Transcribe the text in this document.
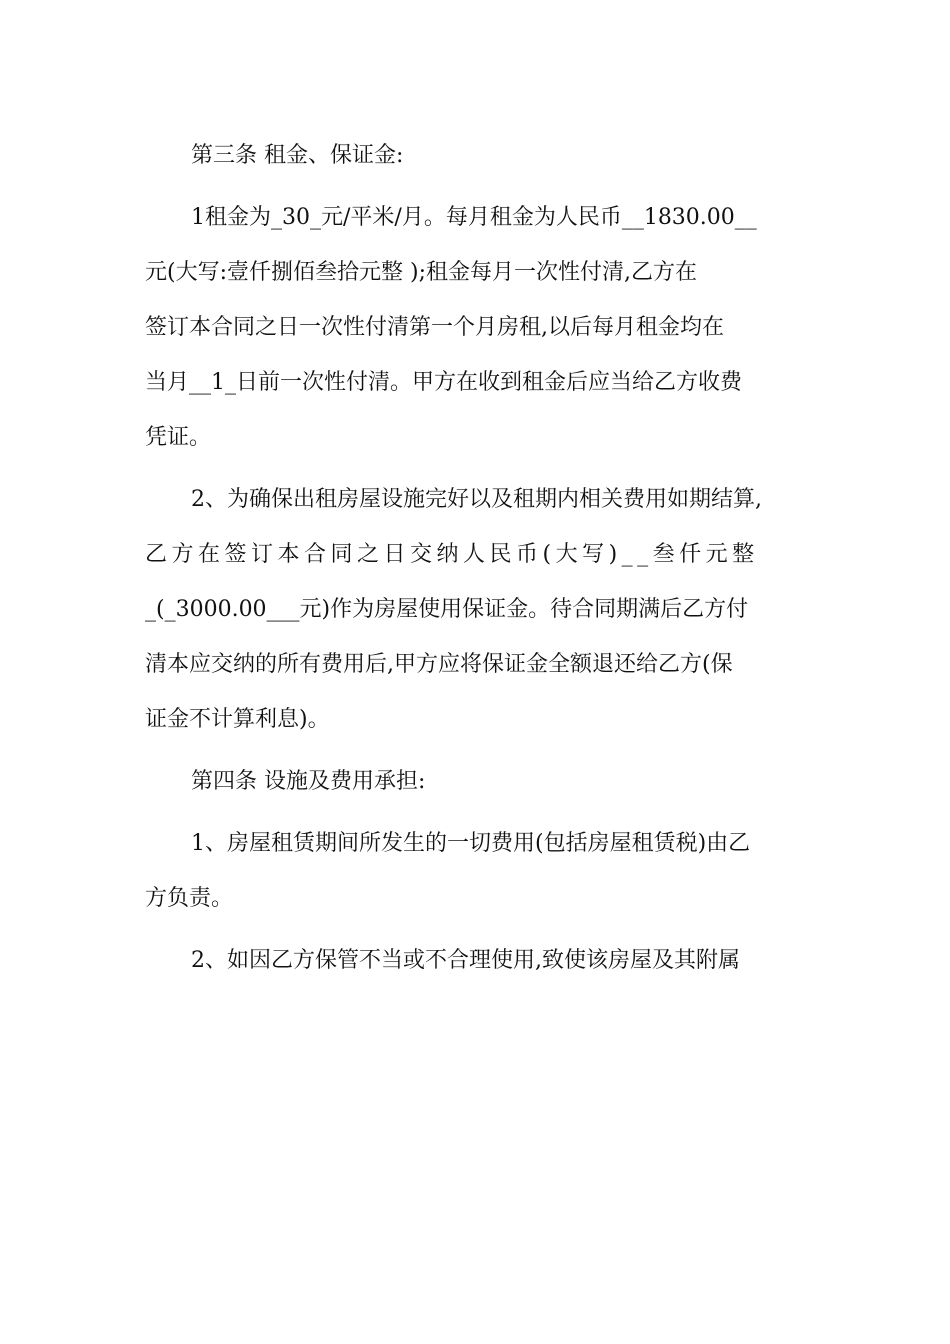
第三条 租金、保证金:
1租金为_30_元/平米/月。每月租金为人民币__1830.00__
元(大写:壹仟捌佰叁拾元整 );租金每月一次性付清,乙方在
签订本合同之日一次性付清第一个月房租,以后每月租金均在
当月__1_日前一次性付清。甲方在收到租金后应当给乙方收费
凭证。
2、为确保出租房屋设施完好以及租期内相关费用如期结算,
乙方在签订本合同之日交纳人民币(大写)__叁仟元整
_(_3000.00___元)作为房屋使用保证金。待合同期满后乙方付
清本应交纳的所有费用后,甲方应将保证金全额退还给乙方(保
证金不计算利息)。
第四条 设施及费用承担:
1、房屋租赁期间所发生的一切费用(包括房屋租赁税)由乙
方负责。
2、如因乙方保管不当或不合理使用,致使该房屋及其附属
